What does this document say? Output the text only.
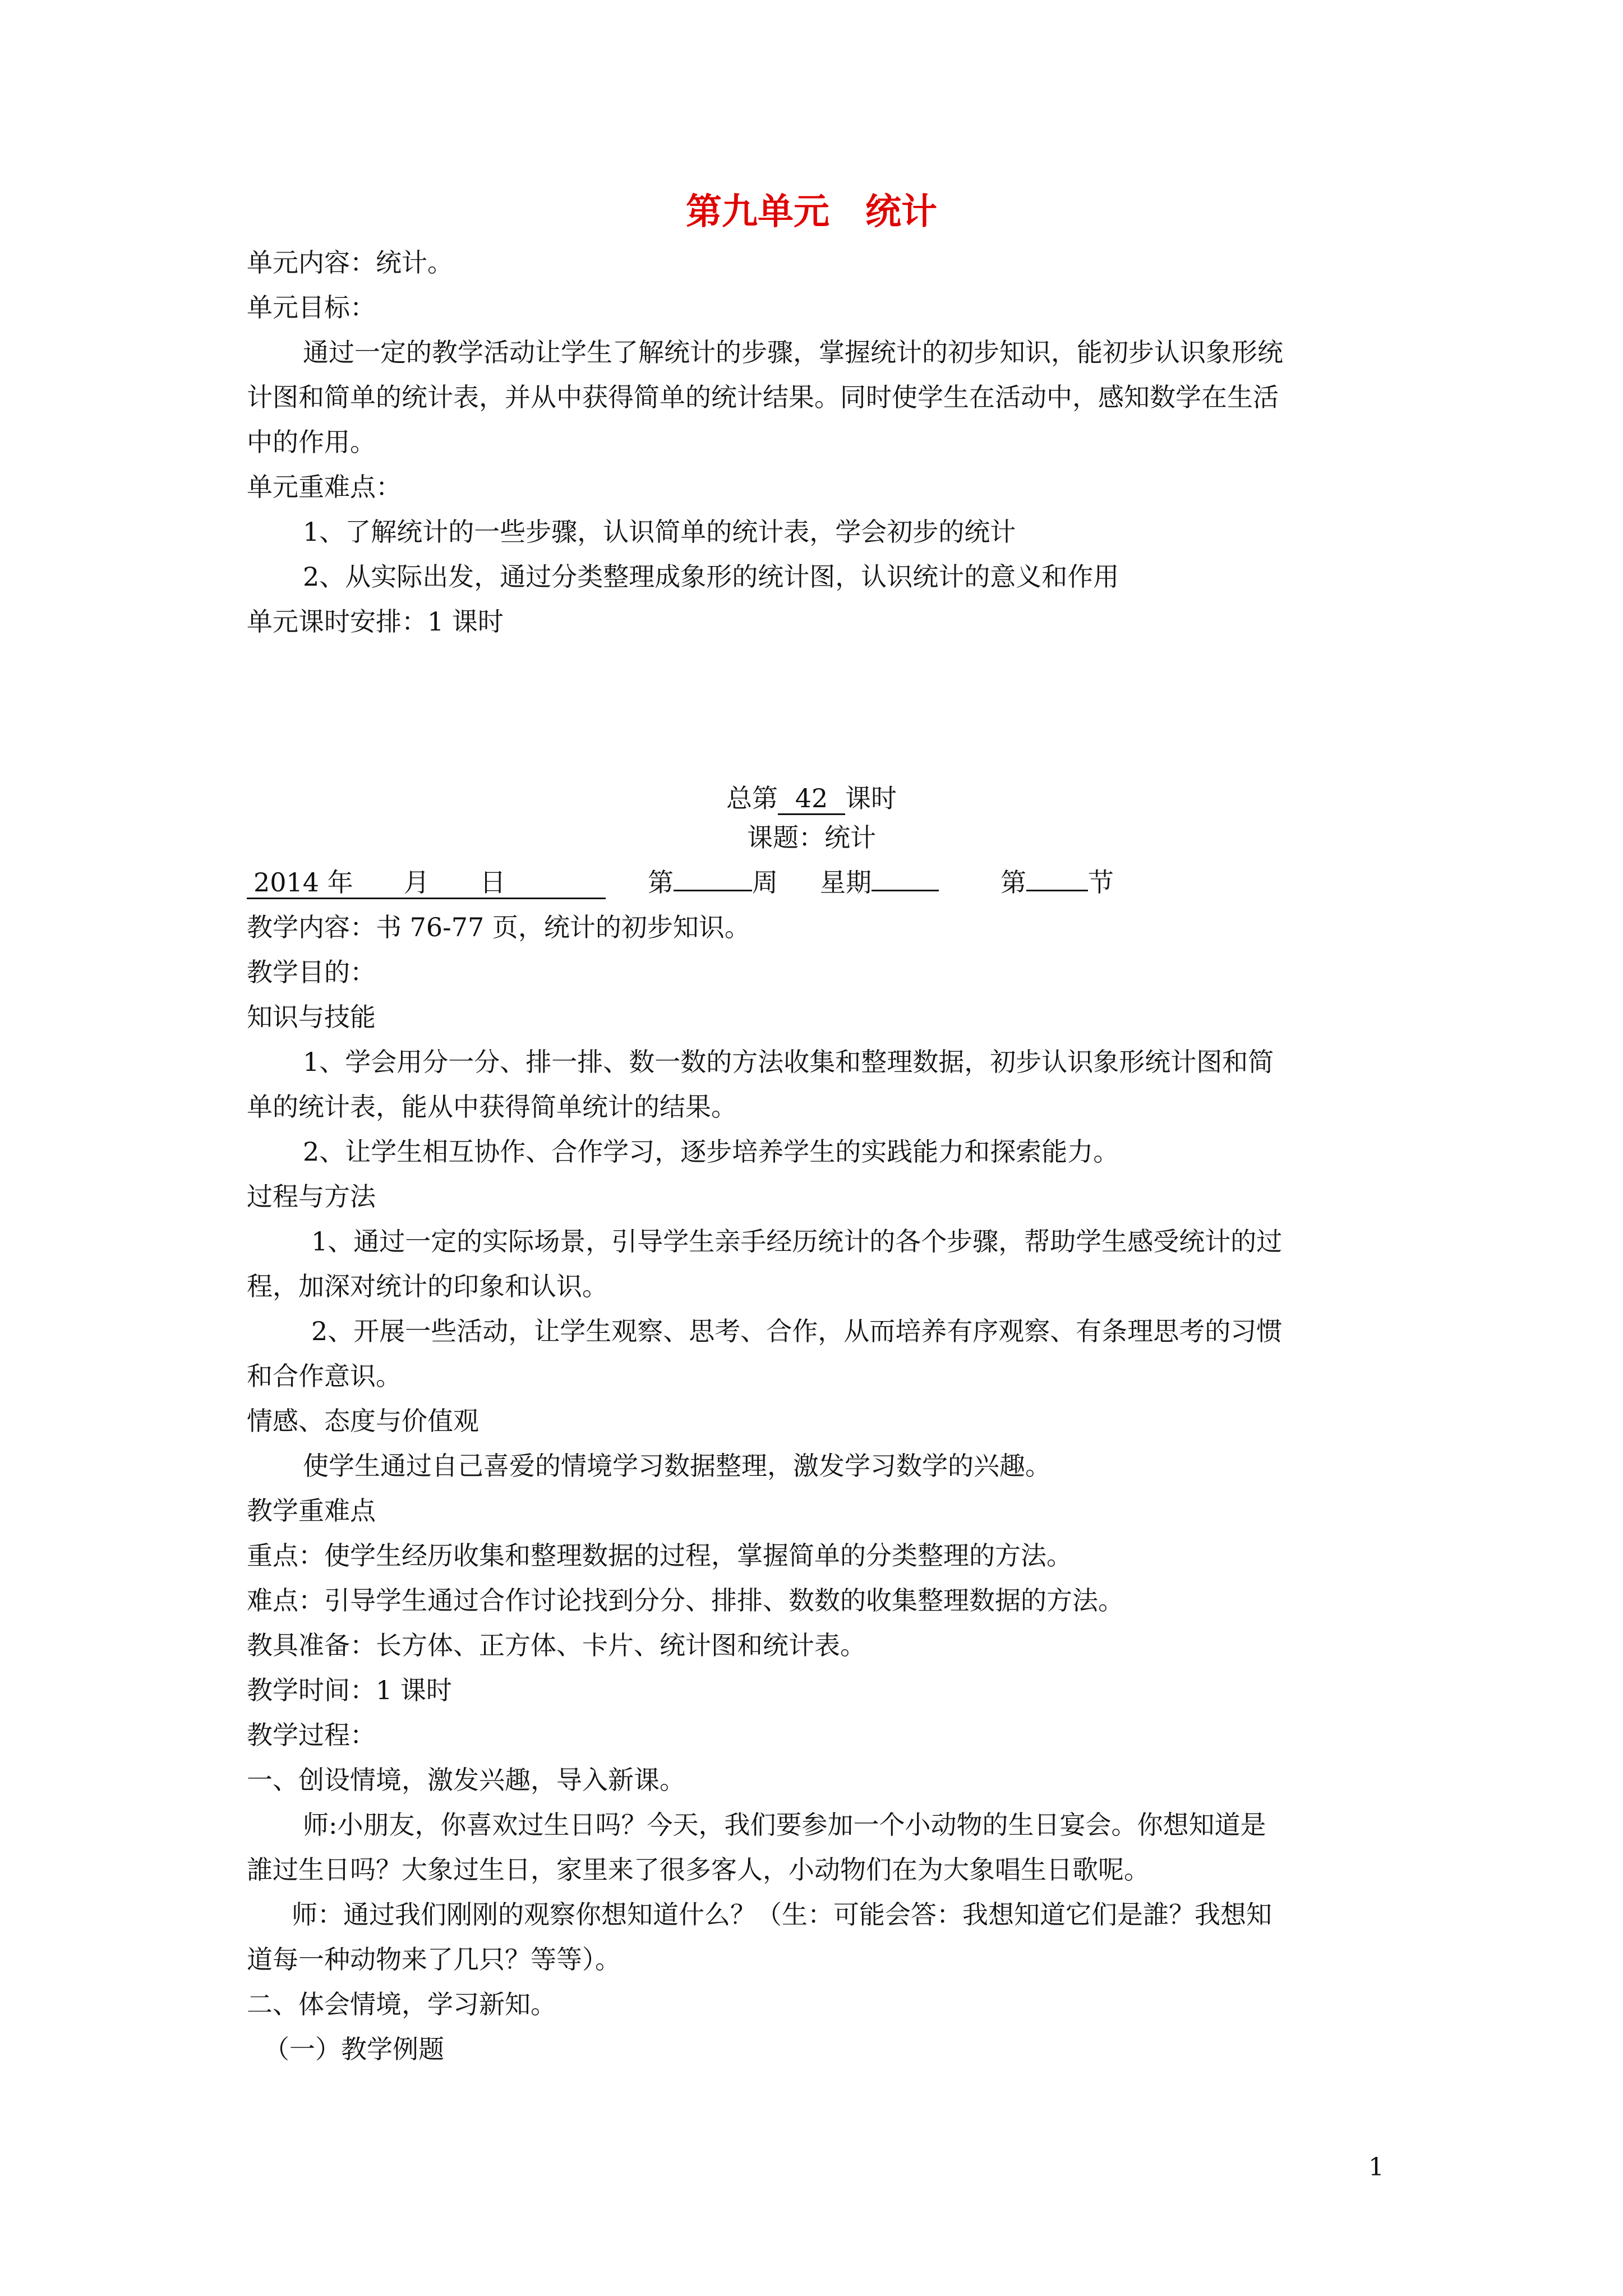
第九单元　统计
单元内容：统计。
单元目标：
通过一定的教学活动让学生了解统计的步骤，掌握统计的初步知识，能初步认识象形统
计图和简单的统计表，并从中获得简单的统计结果。同时使学生在活动中，感知数学在生活
中的作用。
单元重难点：
1、了解统计的一些步骤，认识简单的统计表，学会初步的统计
2、从实际出发，通过分类整理成象形的统计图，认识统计的意义和作用
单元课时安排：1 课时
总第 42 课时
课题：统计
2014 年 月 日	第	周 星期	第 节
教学内容：书 76-77 页，统计的初步知识。
教学目的：
知识与技能
1、学会用分一分、排一排、数一数的方法收集和整理数据，初步认识象形统计图和简
单的统计表，能从中获得简单统计的结果。
2、让学生相互协作、合作学习，逐步培养学生的实践能力和探索能力。
过程与方法
1、通过一定的实际场景，引导学生亲手经历统计的各个步骤，帮助学生感受统计的过
程，加深对统计的印象和认识。
2、开展一些活动，让学生观察、思考、合作，从而培养有序观察、有条理思考的习惯
和合作意识。
情感、态度与价值观
使学生通过自己喜爱的情境学习数据整理，激发学习数学的兴趣。
教学重难点
重点：使学生经历收集和整理数据的过程，掌握简单的分类整理的方法。
难点：引导学生通过合作讨论找到分分、排排、数数的收集整理数据的方法。
教具准备：长方体、正方体、卡片、统计图和统计表。
教学时间：1 课时
教学过程：
一、创设情境，激发兴趣，导入新课。
师:小朋友，你喜欢过生日吗？今天，我们要参加一个小动物的生日宴会。你想知道是
誰过生日吗？大象过生日，家里来了很多客人，小动物们在为大象唱生日歌呢。
师：通过我们刚刚的观察你想知道什么？（生：可能会答：我想知道它们是誰？我想知
道每一种动物来了几只？等等）。
二、体会情境，学习新知。
（一）教学例题
1
